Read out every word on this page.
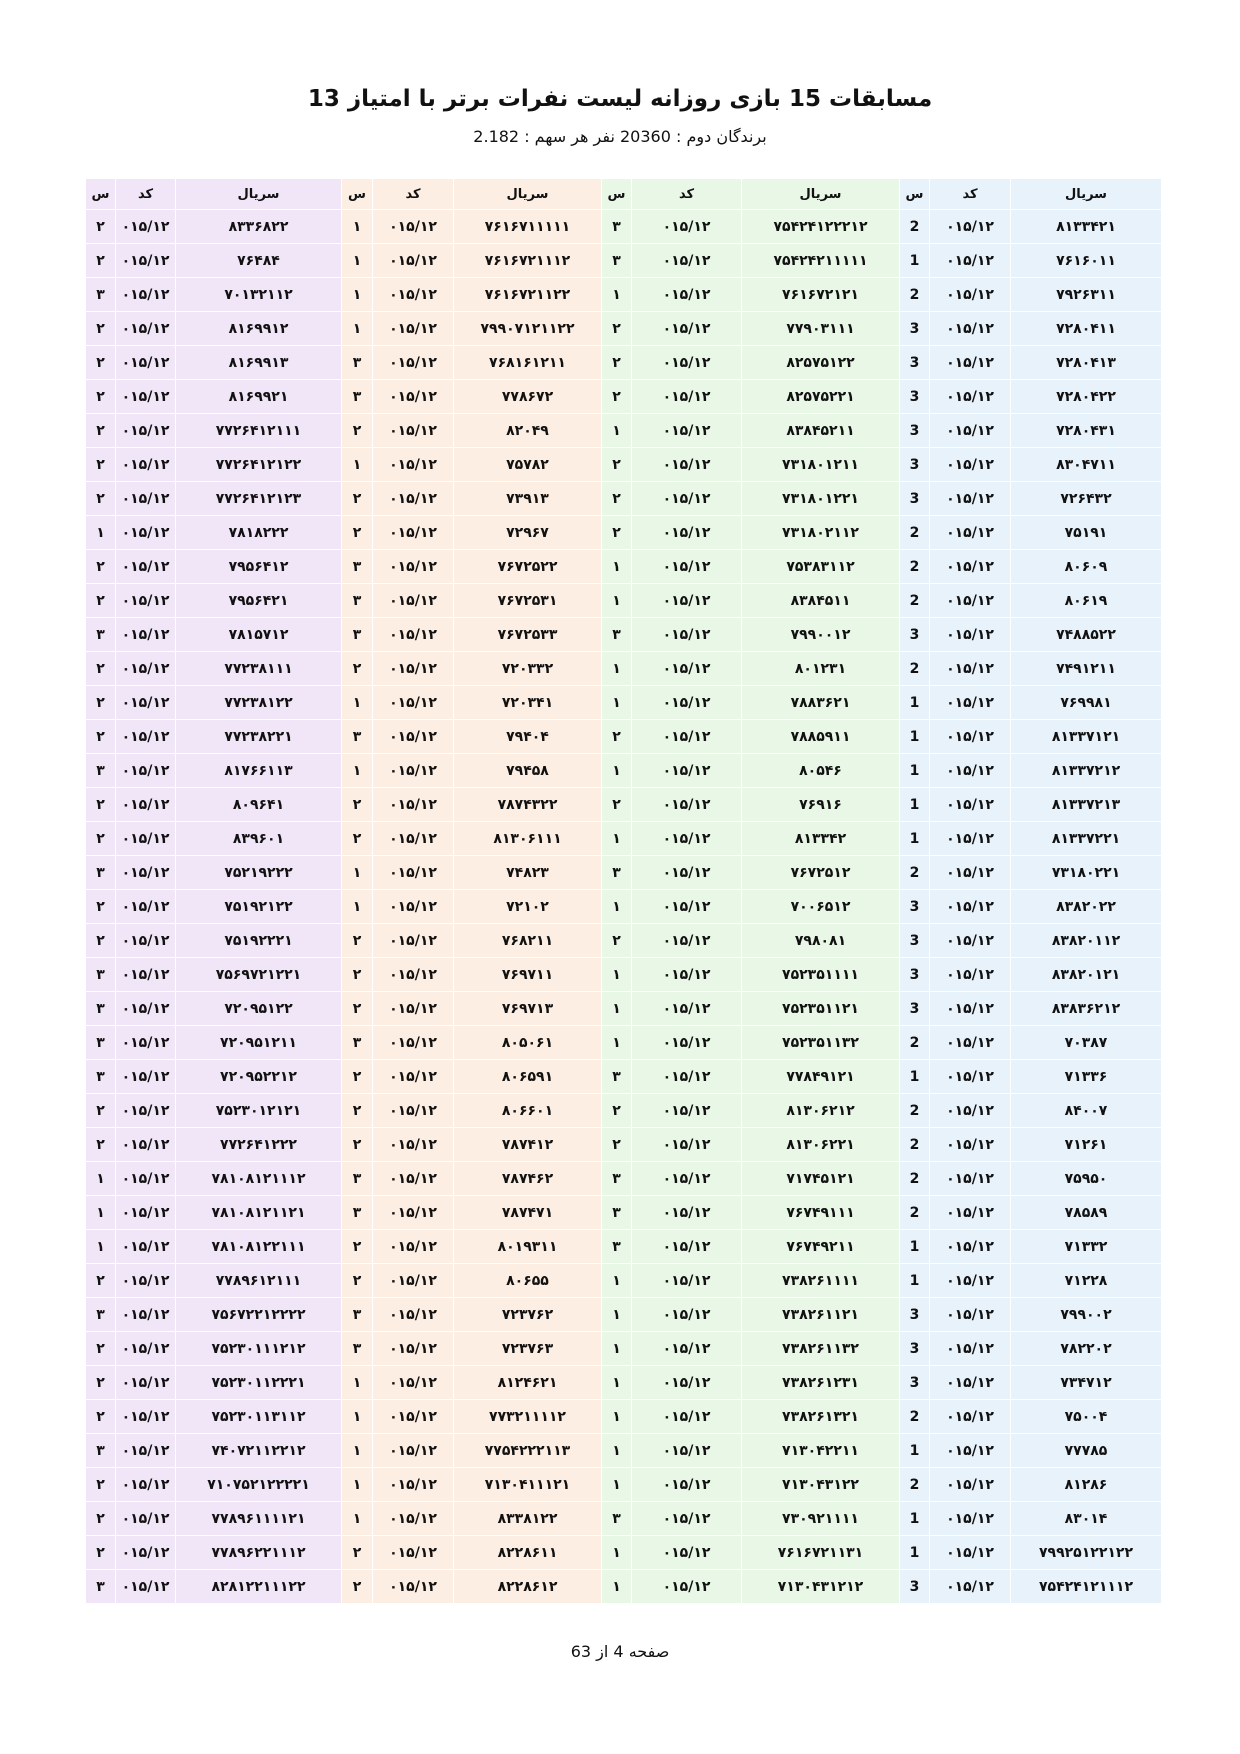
مسابقات 15 بازی روزانه لیست نفرات برتر با امتیاز 13
برندگان دوم : 20360 نفر هر سهم : 2.182
سریال	کد	س	سریال	کد	س	سریال	کد	س	سریال	کد	س
۸۱۳۳۴۲۱	۰۱۵/۱۲	2	۷۵۴۲۴۱۲۲۲۱۲	۰۱۵/۱۲	۳	۷۶۱۶۷۱۱۱۱۱	۰۱۵/۱۲	۱	۸۳۳۶۸۲۲	۰۱۵/۱۲	۲
۷۶۱۶۰۱۱	۰۱۵/۱۲	1	۷۵۴۲۴۲۱۱۱۱۱	۰۱۵/۱۲	۳	۷۶۱۶۷۲۱۱۱۲	۰۱۵/۱۲	۱	۷۶۴۸۴	۰۱۵/۱۲	۲
۷۹۲۶۳۱۱	۰۱۵/۱۲	2	۷۶۱۶۷۲۱۲۱	۰۱۵/۱۲	۱	۷۶۱۶۷۲۱۱۲۲	۰۱۵/۱۲	۱	۷۰۱۳۲۱۱۲	۰۱۵/۱۲	۳
۷۲۸۰۴۱۱	۰۱۵/۱۲	3	۷۷۹۰۳۱۱۱	۰۱۵/۱۲	۲	۷۹۹۰۷۱۲۱۱۲۲	۰۱۵/۱۲	۱	۸۱۶۹۹۱۲	۰۱۵/۱۲	۲
۷۲۸۰۴۱۳	۰۱۵/۱۲	3	۸۲۵۷۵۱۲۲	۰۱۵/۱۲	۲	۷۶۸۱۶۱۲۱۱	۰۱۵/۱۲	۳	۸۱۶۹۹۱۳	۰۱۵/۱۲	۲
۷۲۸۰۴۲۲	۰۱۵/۱۲	3	۸۲۵۷۵۲۲۱	۰۱۵/۱۲	۲	۷۷۸۶۷۲	۰۱۵/۱۲	۳	۸۱۶۹۹۲۱	۰۱۵/۱۲	۲
۷۲۸۰۴۳۱	۰۱۵/۱۲	3	۸۳۸۴۵۲۱۱	۰۱۵/۱۲	۱	۸۲۰۴۹	۰۱۵/۱۲	۲	۷۷۲۶۴۱۲۱۱۱	۰۱۵/۱۲	۲
۸۳۰۴۷۱۱	۰۱۵/۱۲	3	۷۳۱۸۰۱۲۱۱	۰۱۵/۱۲	۲	۷۵۷۸۲	۰۱۵/۱۲	۱	۷۷۲۶۴۱۲۱۲۲	۰۱۵/۱۲	۲
۷۲۶۴۳۲	۰۱۵/۱۲	3	۷۳۱۸۰۱۲۲۱	۰۱۵/۱۲	۲	۷۳۹۱۳	۰۱۵/۱۲	۲	۷۷۲۶۴۱۲۱۲۳	۰۱۵/۱۲	۲
۷۵۱۹۱	۰۱۵/۱۲	2	۷۳۱۸۰۲۱۱۲	۰۱۵/۱۲	۲	۷۲۹۶۷	۰۱۵/۱۲	۲	۷۸۱۸۲۲۲	۰۱۵/۱۲	۱
۸۰۶۰۹	۰۱۵/۱۲	2	۷۵۳۸۳۱۱۲	۰۱۵/۱۲	۱	۷۶۷۲۵۲۲	۰۱۵/۱۲	۳	۷۹۵۶۴۱۲	۰۱۵/۱۲	۲
۸۰۶۱۹	۰۱۵/۱۲	2	۸۳۸۴۵۱۱	۰۱۵/۱۲	۱	۷۶۷۲۵۳۱	۰۱۵/۱۲	۳	۷۹۵۶۴۲۱	۰۱۵/۱۲	۲
۷۴۸۸۵۲۲	۰۱۵/۱۲	3	۷۹۹۰۰۱۲	۰۱۵/۱۲	۳	۷۶۷۲۵۳۳	۰۱۵/۱۲	۳	۷۸۱۵۷۱۲	۰۱۵/۱۲	۳
۷۴۹۱۲۱۱	۰۱۵/۱۲	2	۸۰۱۲۳۱	۰۱۵/۱۲	۱	۷۲۰۳۳۲	۰۱۵/۱۲	۲	۷۷۲۳۸۱۱۱	۰۱۵/۱۲	۲
۷۶۹۹۸۱	۰۱۵/۱۲	1	۷۸۸۳۶۲۱	۰۱۵/۱۲	۱	۷۲۰۳۴۱	۰۱۵/۱۲	۱	۷۷۲۳۸۱۲۲	۰۱۵/۱۲	۲
۸۱۳۳۷۱۲۱	۰۱۵/۱۲	1	۷۸۸۵۹۱۱	۰۱۵/۱۲	۲	۷۹۴۰۴	۰۱۵/۱۲	۳	۷۷۲۳۸۲۲۱	۰۱۵/۱۲	۲
۸۱۳۳۷۲۱۲	۰۱۵/۱۲	1	۸۰۵۴۶	۰۱۵/۱۲	۱	۷۹۴۵۸	۰۱۵/۱۲	۱	۸۱۷۶۶۱۱۳	۰۱۵/۱۲	۳
۸۱۳۳۷۲۱۳	۰۱۵/۱۲	1	۷۶۹۱۶	۰۱۵/۱۲	۲	۷۸۷۴۳۲۲	۰۱۵/۱۲	۲	۸۰۹۶۴۱	۰۱۵/۱۲	۲
۸۱۳۳۷۲۲۱	۰۱۵/۱۲	1	۸۱۳۳۴۲	۰۱۵/۱۲	۱	۸۱۳۰۶۱۱۱	۰۱۵/۱۲	۲	۸۳۹۶۰۱	۰۱۵/۱۲	۲
۷۳۱۸۰۲۲۱	۰۱۵/۱۲	2	۷۶۷۲۵۱۲	۰۱۵/۱۲	۳	۷۴۸۲۳	۰۱۵/۱۲	۱	۷۵۲۱۹۲۲۲	۰۱۵/۱۲	۳
۸۳۸۲۰۲۲	۰۱۵/۱۲	3	۷۰۰۶۵۱۲	۰۱۵/۱۲	۱	۷۲۱۰۲	۰۱۵/۱۲	۱	۷۵۱۹۲۱۲۲	۰۱۵/۱۲	۲
۸۳۸۲۰۱۱۲	۰۱۵/۱۲	3	۷۹۸۰۸۱	۰۱۵/۱۲	۲	۷۶۸۲۱۱	۰۱۵/۱۲	۲	۷۵۱۹۲۲۲۱	۰۱۵/۱۲	۲
۸۳۸۲۰۱۲۱	۰۱۵/۱۲	3	۷۵۲۳۵۱۱۱۱	۰۱۵/۱۲	۱	۷۶۹۷۱۱	۰۱۵/۱۲	۲	۷۵۶۹۷۲۱۲۲۱	۰۱۵/۱۲	۳
۸۳۸۳۶۲۱۲	۰۱۵/۱۲	3	۷۵۲۳۵۱۱۲۱	۰۱۵/۱۲	۱	۷۶۹۷۱۳	۰۱۵/۱۲	۲	۷۲۰۹۵۱۲۲	۰۱۵/۱۲	۳
۷۰۳۸۷	۰۱۵/۱۲	2	۷۵۲۳۵۱۱۳۲	۰۱۵/۱۲	۱	۸۰۵۰۶۱	۰۱۵/۱۲	۳	۷۲۰۹۵۱۲۱۱	۰۱۵/۱۲	۳
۷۱۳۳۶	۰۱۵/۱۲	1	۷۷۸۴۹۱۲۱	۰۱۵/۱۲	۳	۸۰۶۵۹۱	۰۱۵/۱۲	۲	۷۲۰۹۵۲۲۱۲	۰۱۵/۱۲	۳
۸۴۰۰۷	۰۱۵/۱۲	2	۸۱۳۰۶۲۱۲	۰۱۵/۱۲	۲	۸۰۶۶۰۱	۰۱۵/۱۲	۲	۷۵۲۳۰۱۲۱۲۱	۰۱۵/۱۲	۲
۷۱۲۶۱	۰۱۵/۱۲	2	۸۱۳۰۶۲۲۱	۰۱۵/۱۲	۲	۷۸۷۴۱۲	۰۱۵/۱۲	۲	۷۷۲۶۴۱۲۲۲	۰۱۵/۱۲	۲
۷۵۹۵۰	۰۱۵/۱۲	2	۷۱۷۴۵۱۲۱	۰۱۵/۱۲	۳	۷۸۷۴۶۲	۰۱۵/۱۲	۳	۷۸۱۰۸۱۲۱۱۱۲	۰۱۵/۱۲	۱
۷۸۵۸۹	۰۱۵/۱۲	2	۷۶۷۴۹۱۱۱	۰۱۵/۱۲	۳	۷۸۷۴۷۱	۰۱۵/۱۲	۳	۷۸۱۰۸۱۲۱۱۲۱	۰۱۵/۱۲	۱
۷۱۳۳۲	۰۱۵/۱۲	1	۷۶۷۴۹۲۱۱	۰۱۵/۱۲	۳	۸۰۱۹۳۱۱	۰۱۵/۱۲	۲	۷۸۱۰۸۱۲۲۱۱۱	۰۱۵/۱۲	۱
۷۱۲۲۸	۰۱۵/۱۲	1	۷۳۸۲۶۱۱۱۱	۰۱۵/۱۲	۱	۸۰۶۵۵	۰۱۵/۱۲	۲	۷۷۸۹۶۱۲۱۱۱	۰۱۵/۱۲	۲
۷۹۹۰۰۲	۰۱۵/۱۲	3	۷۳۸۲۶۱۱۲۱	۰۱۵/۱۲	۱	۷۲۳۷۶۲	۰۱۵/۱۲	۳	۷۵۶۷۲۲۱۲۲۲۲	۰۱۵/۱۲	۳
۷۸۲۲۰۲	۰۱۵/۱۲	3	۷۳۸۲۶۱۱۳۲	۰۱۵/۱۲	۱	۷۲۳۷۶۳	۰۱۵/۱۲	۳	۷۵۲۳۰۱۱۱۲۱۲	۰۱۵/۱۲	۲
۷۳۴۷۱۲	۰۱۵/۱۲	3	۷۳۸۲۶۱۲۳۱	۰۱۵/۱۲	۱	۸۱۲۴۶۲۱	۰۱۵/۱۲	۱	۷۵۲۳۰۱۱۲۲۲۱	۰۱۵/۱۲	۲
۷۵۰۰۴	۰۱۵/۱۲	2	۷۳۸۲۶۱۳۲۱	۰۱۵/۱۲	۱	۷۷۳۲۱۱۱۱۲	۰۱۵/۱۲	۱	۷۵۲۳۰۱۱۳۱۱۲	۰۱۵/۱۲	۲
۷۷۷۸۵	۰۱۵/۱۲	1	۷۱۳۰۴۲۲۱۱	۰۱۵/۱۲	۱	۷۷۵۴۲۲۲۱۱۳	۰۱۵/۱۲	۱	۷۴۰۷۲۱۱۲۲۱۲	۰۱۵/۱۲	۳
۸۱۲۸۶	۰۱۵/۱۲	2	۷۱۳۰۴۳۱۲۲	۰۱۵/۱۲	۱	۷۱۳۰۴۱۱۱۲۱	۰۱۵/۱۲	۱	۷۱۰۷۵۲۱۲۲۲۲۱	۰۱۵/۱۲	۲
۸۳۰۱۴	۰۱۵/۱۲	1	۷۳۰۹۲۱۱۱۱	۰۱۵/۱۲	۳	۸۳۳۸۱۲۲	۰۱۵/۱۲	۱	۷۷۸۹۶۱۱۱۱۲۱	۰۱۵/۱۲	۲
۷۹۹۲۵۱۲۲۱۲۲	۰۱۵/۱۲	1	۷۶۱۶۷۲۱۱۳۱	۰۱۵/۱۲	۱	۸۲۲۸۶۱۱	۰۱۵/۱۲	۲	۷۷۸۹۶۲۲۱۱۱۲	۰۱۵/۱۲	۲
۷۵۴۲۴۱۲۱۱۱۲	۰۱۵/۱۲	3	۷۱۳۰۴۳۱۲۱۲	۰۱۵/۱۲	۱	۸۲۲۸۶۱۲	۰۱۵/۱۲	۲	۸۲۸۱۲۲۱۱۱۲۲	۰۱۵/۱۲	۳
صفحه 4 از 63
